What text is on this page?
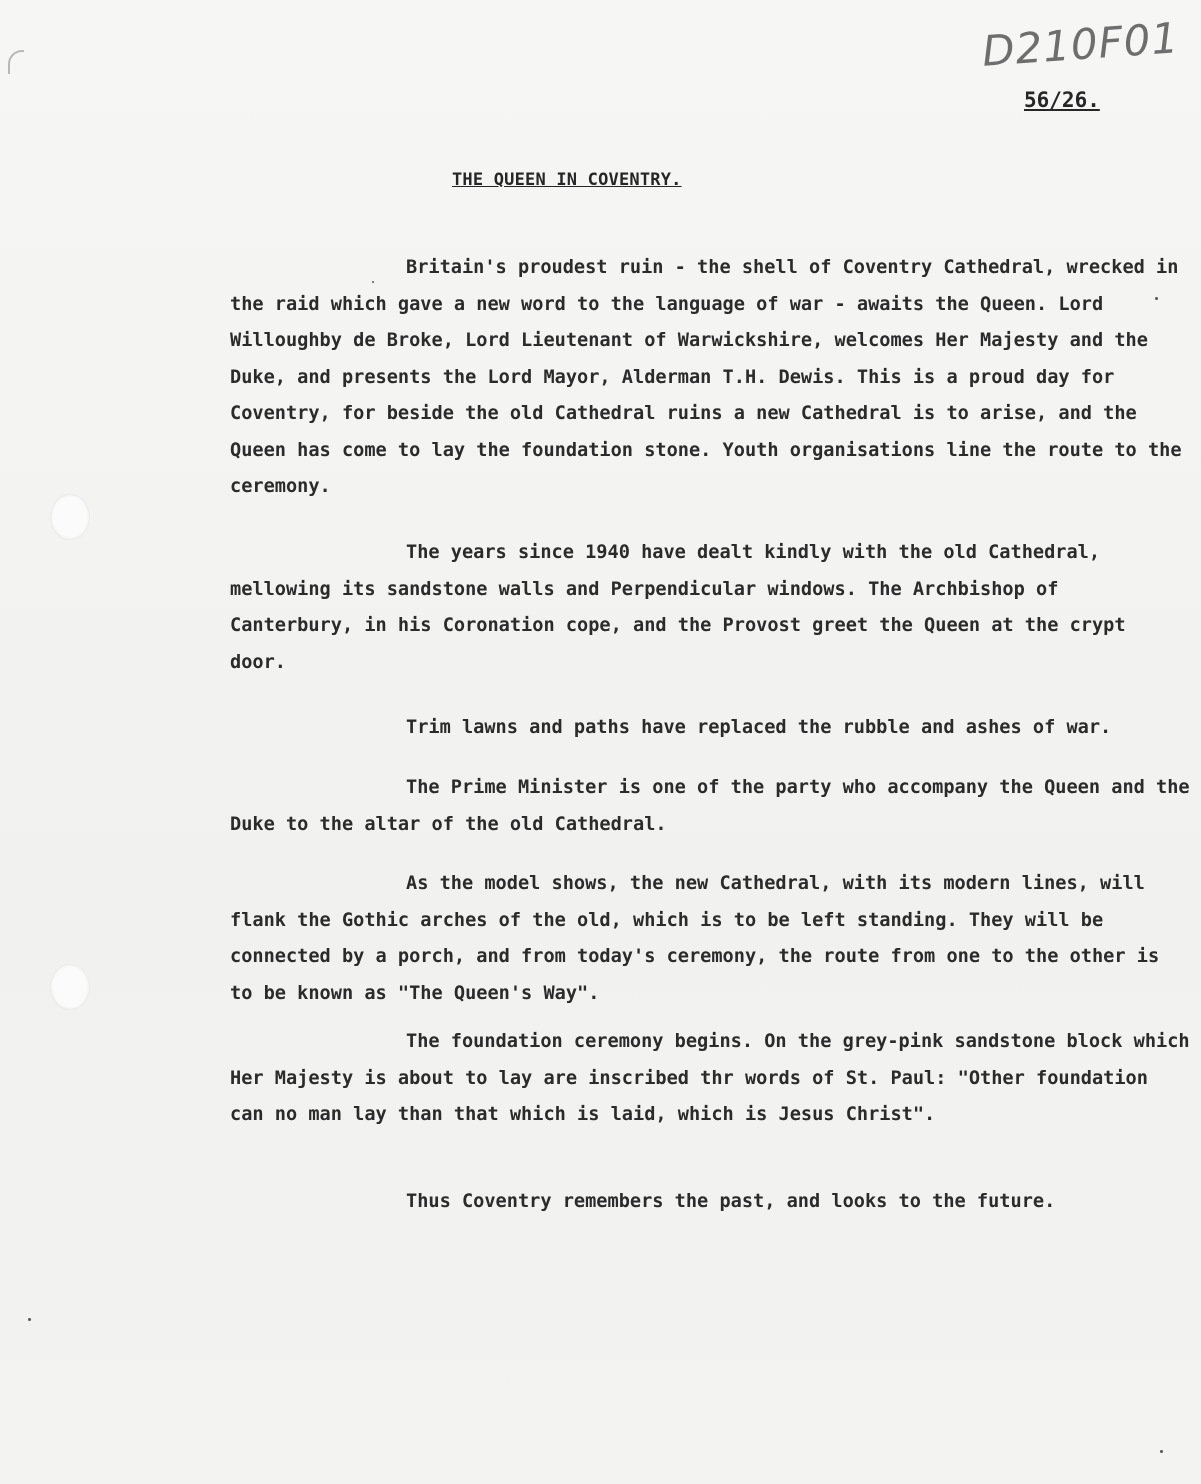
D210F01
56/26.
THE QUEEN IN COVENTRY.

Britain's proudest ruin - the shell of Coventry Cathedral, wrecked in the raid which gave a new word to the language of war - awaits the Queen. Lord Willoughby de Broke, Lord Lieutenant of Warwickshire, welcomes Her Majesty and the Duke, and presents the Lord Mayor, Alderman T.H. Dewis. This is a proud day for Coventry, for beside the old Cathedral ruins a new Cathedral is to arise, and the Queen has come to lay the foundation stone. Youth organisations line the route to the ceremony.

The years since 1940 have dealt kindly with the old Cathedral, mellowing its sandstone walls and Perpendicular windows. The Archbishop of Canterbury, in his Coronation cope, and the Provost greet the Queen at the crypt door.

Trim lawns and paths have replaced the rubble and ashes of war.

The Prime Minister is one of the party who accompany the Queen and the Duke to the altar of the old Cathedral.

As the model shows, the new Cathedral, with its modern lines, will flank the Gothic arches of the old, which is to be left standing. They will be connected by a porch, and from today's ceremony, the route from one to the other is to be known as "The Queen's Way".

The foundation ceremony begins. On the grey-pink sandstone block which Her Majesty is about to lay are inscribed thr words of St. Paul: "Other foundation can no man lay than that which is laid, which is Jesus Christ".

Thus Coventry remembers the past, and looks to the future.
